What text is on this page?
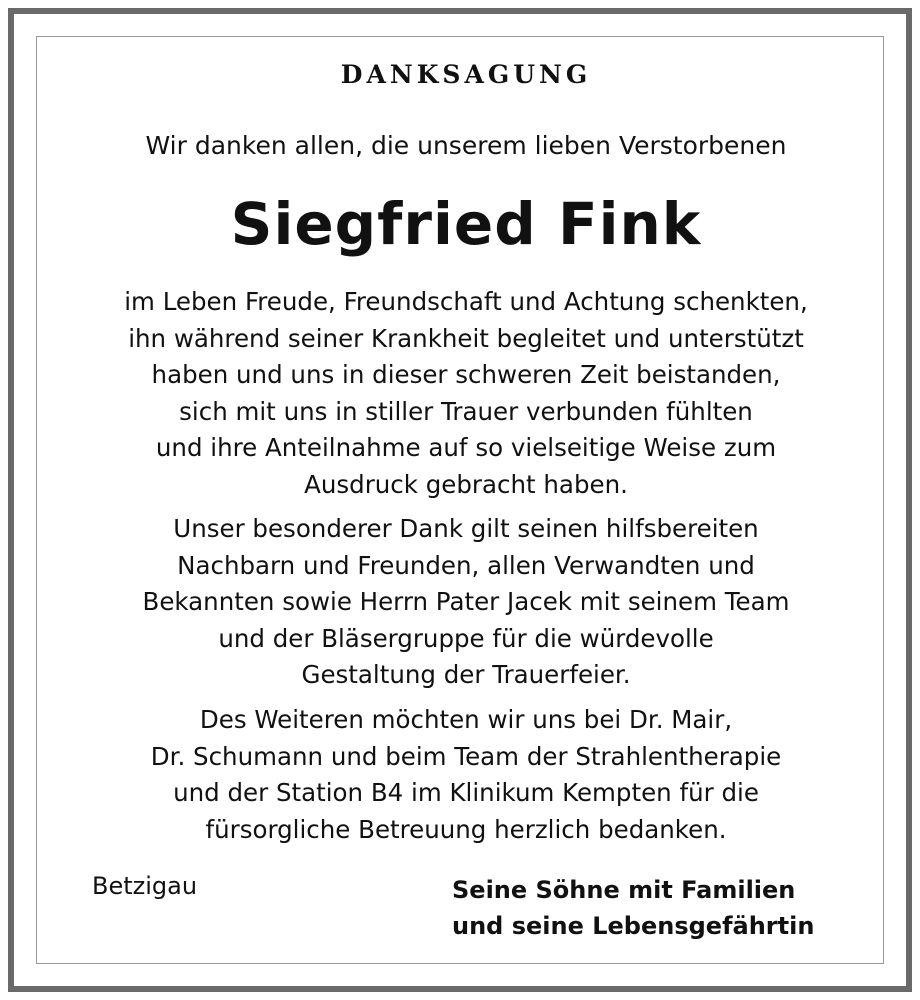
DANKSAGUNG
Wir danken allen, die unserem lieben Verstorbenen
Siegfried Fink
im Leben Freude, Freundschaft und Achtung schenkten,
ihn während seiner Krankheit begleitet und unterstützt
haben und uns in dieser schweren Zeit beistanden,
sich mit uns in stiller Trauer verbunden fühlten
und ihre Anteilnahme auf so vielseitige Weise zum
Ausdruck gebracht haben.
Unser besonderer Dank gilt seinen hilfsbereiten
Nachbarn und Freunden, allen Verwandten und
Bekannten sowie Herrn Pater Jacek mit seinem Team
und der Bläsergruppe für die würdevolle
Gestaltung der Trauerfeier.
Des Weiteren möchten wir uns bei Dr. Mair,
Dr. Schumann und beim Team der Strahlentherapie
und der Station B4 im Klinikum Kempten für die
fürsorgliche Betreuung herzlich bedanken.
Betzigau	Seine Söhne mit Familien
und seine Lebensgefährtin
